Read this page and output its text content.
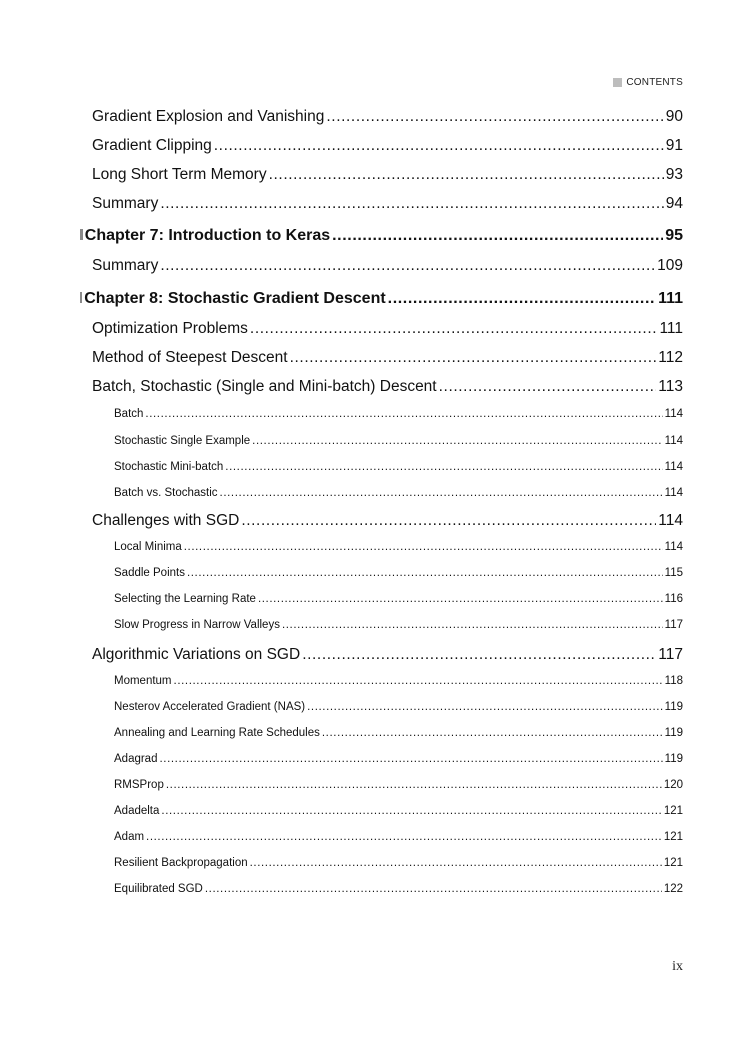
CONTENTS
Gradient Explosion and Vanishing .....	90
Gradient Clipping .....	91
Long Short Term Memory .....	93
Summary .....	94
Chapter 7: Introduction to Keras .....	95
Summary .....	109
Chapter 8: Stochastic Gradient Descent .....	111
Optimization Problems .....	111
Method of Steepest Descent .....	112
Batch, Stochastic (Single and Mini-batch) Descent .....	113
Batch .....	114
Stochastic Single Example .....	114
Stochastic Mini-batch .....	114
Batch vs. Stochastic .....	114
Challenges with SGD .....	114
Local Minima .....	114
Saddle Points .....	115
Selecting the Learning Rate .....	116
Slow Progress in Narrow Valleys .....	117
Algorithmic Variations on SGD .....	117
Momentum .....	118
Nesterov Accelerated Gradient (NAS) .....	119
Annealing and Learning Rate Schedules .....	119
Adagrad .....	119
RMSProp .....	120
Adadelta .....	121
Adam .....	121
Resilient Backpropagation .....	121
Equilibrated SGD .....	122
ix
